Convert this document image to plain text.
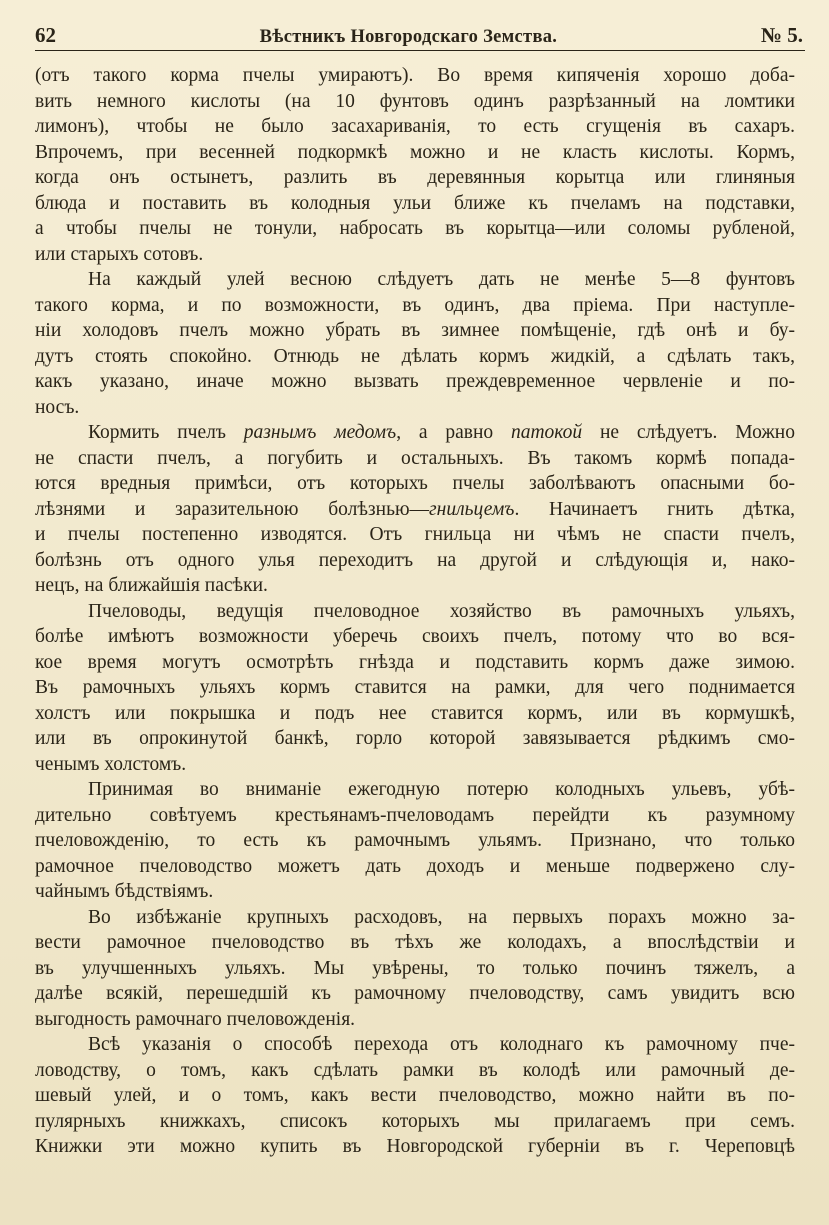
62	Вѣстникъ Новгородскаго Земства.	№ 5.
(отъ такого корма пчелы умираютъ). Во время кипяченія хорошо доба-
вить немного кислоты (на 10 фунтовъ одинъ разрѣзанный на ломтики
лимонъ), чтобы не было засахариванія, то есть сгущенія въ сахаръ.
Впрочемъ, при весенней подкормкѣ можно и не класть кислоты. Кормъ,
когда онъ остынетъ, разлить въ деревянныя корытца или глиняныя
блюда и поставить въ колодныя ульи ближе къ пчеламъ на подставки,
а чтобы пчелы не тонули, набросать въ корытца—или соломы рубленой,
или старыхъ сотовъ.
На каждый улей весною слѣдуетъ дать не менѣе 5—8 фунтовъ
такого корма, и по возможности, въ одинъ, два пріема. При наступле-
ніи холодовъ пчелъ можно убрать въ зимнее помѣщеніе, гдѣ онѣ и бу-
дутъ стоять спокойно. Отнюдь не дѣлать кормъ жидкій, а сдѣлать такъ,
какъ указано, иначе можно вызвать преждевременное червленіе и по-
носъ.
Кормить пчелъ разнымъ медомъ, а равно патокой не слѣдуетъ. Можно
не спасти пчелъ, а погубить и остальныхъ. Въ такомъ кормѣ попада-
ются вредныя примѣси, отъ которыхъ пчелы заболѣваютъ опасными бо-
лѣзнями и заразительною болѣзнью—гнильцемъ. Начинаетъ гнить дѣтка,
и пчелы постепенно изводятся. Отъ гнильца ни чѣмъ не спасти пчелъ,
болѣзнь отъ одного улья переходитъ на другой и слѣдующія и, нако-
нецъ, на ближайшія пасѣки.
Пчеловоды, ведущія пчеловодное хозяйство въ рамочныхъ ульяхъ,
болѣе имѣютъ возможности уберечь своихъ пчелъ, потому что во вся-
кое время могутъ осмотрѣть гнѣзда и подставить кормъ даже зимою.
Въ рамочныхъ ульяхъ кормъ ставится на рамки, для чего поднимается
холстъ или покрышка и подъ нее ставится кормъ, или въ кормушкѣ,
или въ опрокинутой банкѣ, горло которой завязывается рѣдкимъ смо-
ченымъ холстомъ.
Принимая во вниманіе ежегодную потерю колодныхъ ульевъ, убѣ-
дительно совѣтуемъ крестьянамъ-пчеловодамъ перейдти къ разумному
пчеловожденію, то есть къ рамочнымъ ульямъ. Признано, что только
рамочное пчеловодство можетъ дать доходъ и меньше подвержено слу-
чайнымъ бѣдствіямъ.
Во избѣжаніе крупныхъ расходовъ, на первыхъ порахъ можно за-
вести рамочное пчеловодство въ тѣхъ же колодахъ, а впослѣдствіи и
въ улучшенныхъ ульяхъ. Мы увѣрены, то только починъ тяжелъ, а
далѣе всякій, перешедшій къ рамочному пчеловодству, самъ увидитъ всю
выгодность рамочнаго пчеловожденія.
Всѣ указанія о способѣ перехода отъ колоднаго къ рамочному пче-
ловодству, о томъ, какъ сдѣлать рамки въ колодѣ или рамочный де-
шевый улей, и о томъ, какъ вести пчеловодство, можно найти въ по-
пулярныхъ книжкахъ, списокъ которыхъ мы прилагаемъ при семъ.
Книжки эти можно купить въ Новгородской губерніи въ г. Череповцѣ
